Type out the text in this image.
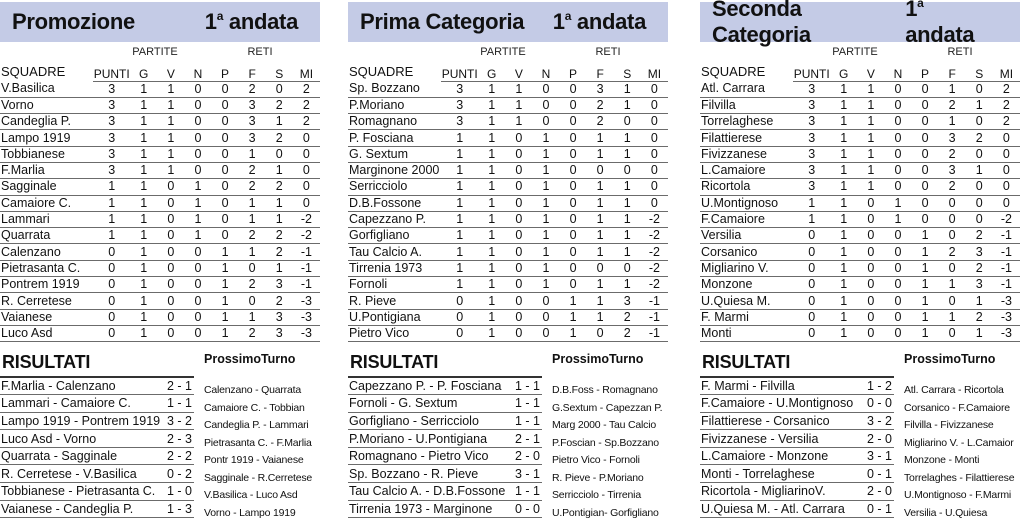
Promozione	1$^a$ andata
PARTITE	RETI
SQUADRE	PUNTI	G	V	N	P	F	S	MI
V.Basilica	3	1	1	0	0	2	0	2
Vorno	3	1	1	0	0	3	2	2
Candeglia P.	3	1	1	0	0	3	1	2
Lampo 1919	3	1	1	0	0	3	2	0
Tobbianese	3	1	1	0	0	1	0	0
F.Marlia	3	1	1	0	0	2	1	0
Sagginale	1	1	0	1	0	2	2	0
Camaiore C.	1	1	0	1	0	1	1	0
Lammari	1	1	0	1	0	1	1	-2
Quarrata	1	1	0	1	0	2	2	-2
Calenzano	0	1	0	0	1	1	2	-1
Pietrasanta C.	0	1	0	0	1	0	1	-1
Pontrem 1919	0	1	0	0	1	2	3	-1
R. Cerretese	0	1	0	0	1	0	2	-3
Vaianese	0	1	0	0	1	1	3	-3
Luco Asd	0	1	0	0	1	2	3	-3
RISULTATI
F.Marlia - Calenzano	2 - 1
Lammari - Camaiore C.	1 - 1
Lampo 1919 - Pontrem 1919	3 - 2
Luco Asd - Vorno	2 - 3
Quarrata - Sagginale	2 - 2
R. Cerretese - V.Basilica	0 - 2
Tobbianese - Pietrasanta C.	1 - 0
Vaianese - Candeglia P.	1 - 3
ProssimoTurno
Calenzano - Quarrata
Camaiore C. - Tobbian
Candeglia P. - Lammari
Pietrasanta C. - F.Marlia
Pontr 1919 - Vaianese
Sagginale - R.Cerretese
V.Basilica - Luco Asd
Vorno - Lampo 1919
Prima Categoria 1$^a$ andata
PARTITE	RETI
SQUADRE	PUNTI	G	V	N	P	F	S	MI
Sp. Bozzano	3	1	1	0	0	3	1	0
P.Moriano	3	1	1	0	0	2	1	0
Romagnano	3	1	1	0	0	2	0	0
P. Fosciana	1	1	0	1	0	1	1	0
G. Sextum	1	1	0	1	0	1	1	0
Marginone 2000	1	1	0	1	0	0	0	0
Serricciolo	1	1	0	1	0	1	1	0
D.B.Fossone	1	1	0	1	0	1	1	0
Capezzano P.	1	1	0	1	0	1	1	-2
Gorfigliano	1	1	0	1	0	1	1	-2
Tau Calcio A.	1	1	0	1	0	1	1	-2
Tirrenia 1973	1	1	0	1	0	0	0	-2
Fornoli	1	1	0	1	0	1	1	-2
R. Pieve	0	1	0	0	1	1	3	-1
U.Pontigiana	0	1	0	0	1	1	2	-1
Pietro Vico	0	1	0	0	1	0	2	-1
RISULTATI
Capezzano P. - P. Fosciana	1 - 1
Fornoli - G. Sextum	1 - 1
Gorfigliano - Serricciolo	1 - 1
P.Moriano - U.Pontigiana	2 - 1
Romagnano - Pietro Vico	2 - 0
Sp. Bozzano - R. Pieve	3 - 1
Tau Calcio A. - D.B.Fossone	1 - 1
Tirrenia 1973 - Marginone	0 - 0
ProssimoTurno
D.B.Foss - Romagnano
G.Sextum - Capezzan P.
Marg 2000 - Tau Calcio
P.Foscian - Sp.Bozzano
Pietro Vico - Fornoli
R. Pieve - P.Moriano
Serricciolo - Tirrenia
U.Pontigian- Gorfigliano
Seconda Categoria
1$^a$ andata
PARTITE	RETI
SQUADRE	PUNTI	G	V	N	P	F	S	MI
Atl. Carrara	3	1	1	0	0	1	0	2
Filvilla	3	1	1	0	0	2	1	2
Torrelaghese	3	1	1	0	0	1	0	2
Filattierese	3	1	1	0	0	3	2	0
Fivizzanese	3	1	1	0	0	2	0	0
L.Camaiore	3	1	1	0	0	3	1	0
Ricortola	3	1	1	0	0	2	0	0
U.Montignoso	1	1	0	1	0	0	0	0
F.Camaiore	1	1	0	1	0	0	0	-2
Versilia	0	1	0	0	1	0	2	-1
Corsanico	0	1	0	0	1	2	3	-1
Migliarino V.	0	1	0	0	1	0	2	-1
Monzone	0	1	0	0	1	1	3	-1
U.Quiesa M.	0	1	0	0	1	0	1	-3
F. Marmi	0	1	0	0	1	1	2	-3
Monti	0	1	0	0	1	0	1	-3
RISULTATI
F. Marmi - Filvilla	1 - 2
F.Camaiore - U.Montignoso	0 - 0
Filattierese - Corsanico	3 - 2
Fivizzanese - Versilia	2 - 0
L.Camaiore - Monzone	3 - 1
Monti - Torrelaghese	0 - 1
Ricortola - MigliarinoV.	2 - 0
U.Quiesa M. - Atl. Carrara	0 - 1
ProssimoTurno
Atl. Carrara - Ricortola
Corsanico - F.Camaiore
Filvilla - Fivizzanese
Migliarino V. - L.Camaior
Monzone - Monti
Torrelaghes - Filattierese
U.Montignoso - F.Marmi
Versilia - U.Quiesa
